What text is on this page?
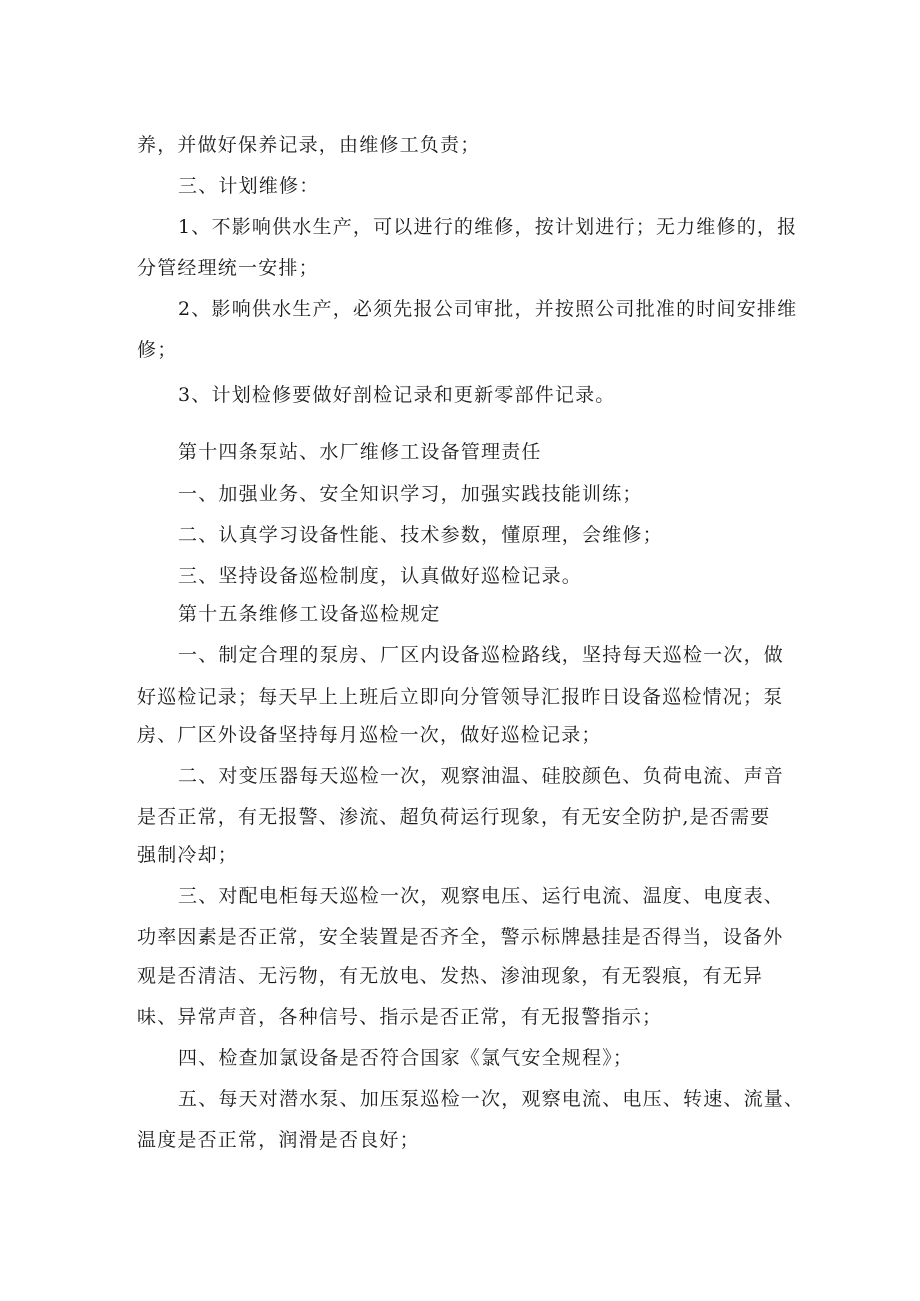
养，并做好保养记录，由维修工负责；

三、计划维修：

1、不影响供水生产，可以进行的维修，按计划进行；无力维修的，报

分管经理统一安排；

2、影响供水生产，必须先报公司审批，并按照公司批准的时间安排维

修；

3、计划检修要做好剖检记录和更新零部件记录。

第十四条泵站、水厂维修工设备管理责任

一、加强业务、安全知识学习，加强实践技能训练；

二、认真学习设备性能、技术参数，懂原理，会维修；

三、坚持设备巡检制度，认真做好巡检记录。

第十五条维修工设备巡检规定

一、制定合理的泵房、厂区内设备巡检路线，坚持每天巡检一次，做

好巡检记录；每天早上上班后立即向分管领导汇报昨日设备巡检情况；泵

房、厂区外设备坚持每月巡检一次，做好巡检记录；

二、对变压器每天巡检一次，观察油温、硅胶颜色、负荷电流、声音

是否正常，有无报警、渗流、超负荷运行现象，有无安全防护,是否需要

强制冷却；

三、对配电柜每天巡检一次，观察电压、运行电流、温度、电度表、

功率因素是否正常，安全装置是否齐全，警示标牌悬挂是否得当，设备外

观是否清洁、无污物，有无放电、发热、渗油现象，有无裂痕，有无异

味、异常声音，各种信号、指示是否正常，有无报警指示；

四、检查加氯设备是否符合国家《氯气安全规程》；

五、每天对潜水泵、加压泵巡检一次，观察电流、电压、转速、流量、

温度是否正常，润滑是否良好；
